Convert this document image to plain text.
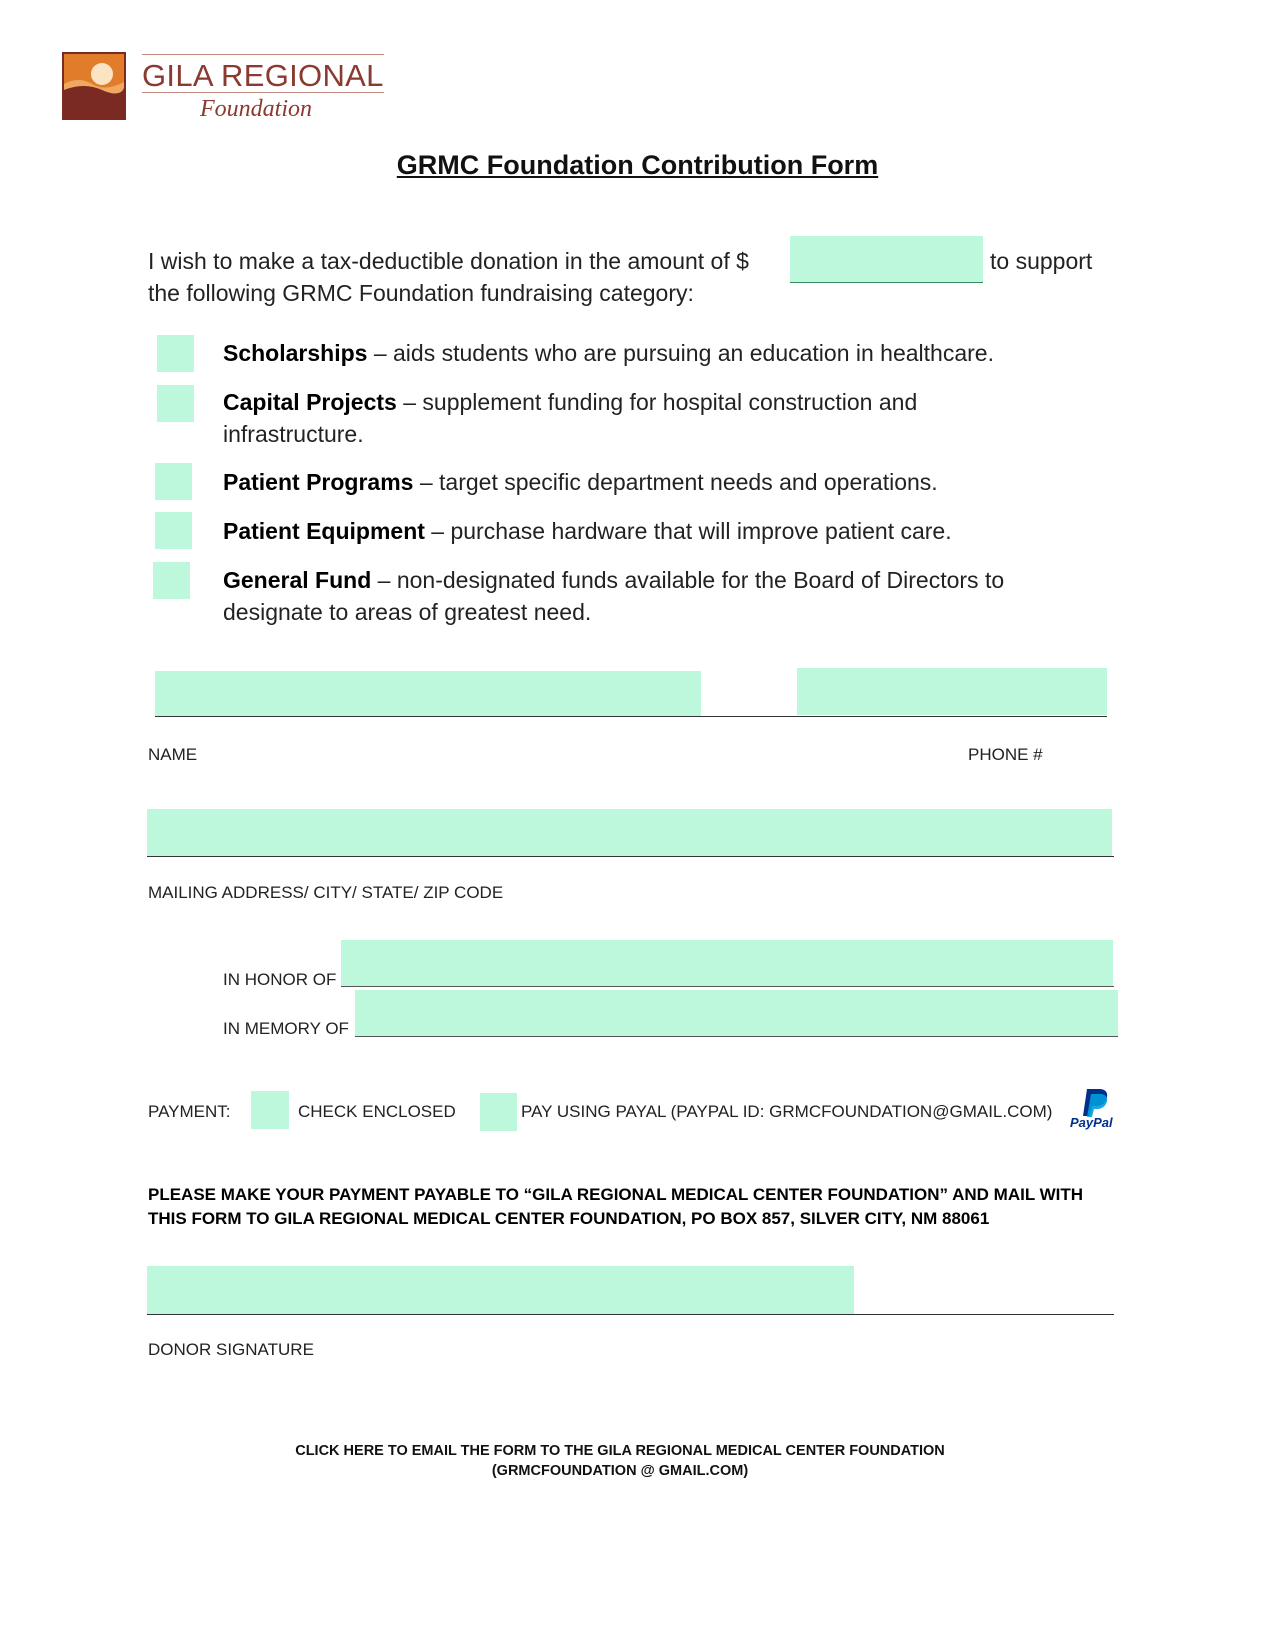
GILA REGIONAL
Foundation
GRMC Foundation Contribution Form
I wish to make a tax-deductible donation in the amount of $	to support
the following GRMC Foundation fundraising category:
Scholarships – aids students who are pursuing an education in healthcare.
Capital Projects – supplement funding for hospital construction and infrastructure.
Patient Programs – target specific department needs and operations.
Patient Equipment – purchase hardware that will improve patient care.
General Fund – non-designated funds available for the Board of Directors to designate to areas of greatest need.
NAME	PHONE #
MAILING ADDRESS/ CITY/ STATE/ ZIP CODE
IN HONOR OF
IN MEMORY OF
PAYMENT:	CHECK ENCLOSED	PAY USING PAYAL (PAYPAL ID: GRMCFOUNDATION@GMAIL.COM)
PayPal
PLEASE MAKE YOUR PAYMENT PAYABLE TO “GILA REGIONAL MEDICAL CENTER FOUNDATION” AND MAIL WITH THIS FORM TO GILA REGIONAL MEDICAL CENTER FOUNDATION, PO BOX 857, SILVER CITY, NM 88061
DONOR SIGNATURE
CLICK HERE TO EMAIL THE FORM TO THE GILA REGIONAL MEDICAL CENTER FOUNDATION
(GRMCFOUNDATION @ GMAIL.COM)
